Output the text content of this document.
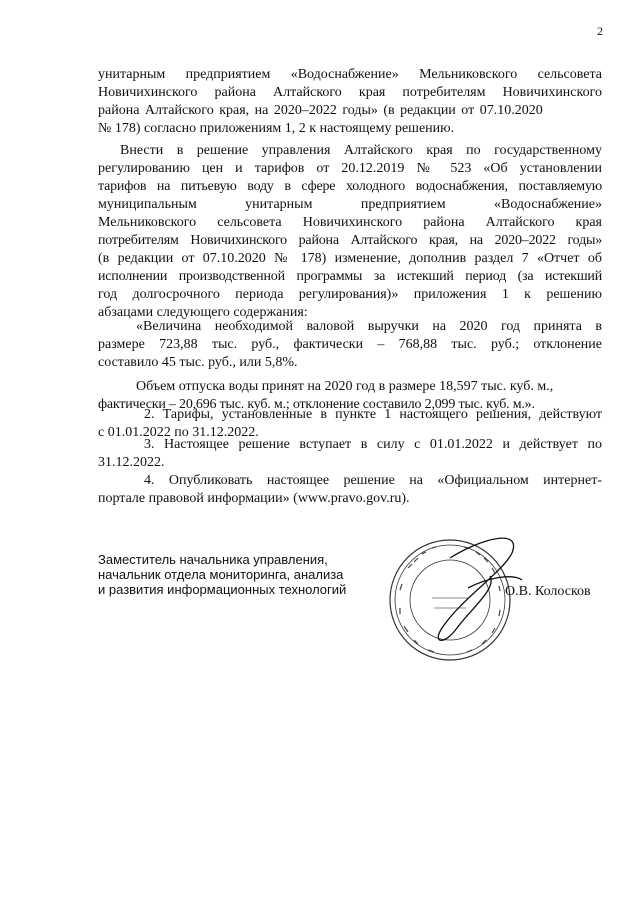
2

унитарным предприятием «Водоснабжение» Мельниковского сельсовета

Новичихинского района Алтайского края потребителям Новичихинского

района Алтайского края, на 2020–2022 годы» (в редакции от 07.10.2020

№ 178) согласно приложениям 1, 2 к настоящему решению.

Внести в решение управления Алтайского края по государственному

регулированию цен и тарифов от 20.12.2019 № 523 «Об установлении

тарифов на питьевую воду в сфере холодного водоснабжения, поставляемую

муниципальным унитарным предприятием «Водоснабжение»

Мельниковского сельсовета Новичихинского района Алтайского края

потребителям Новичихинского района Алтайского края, на 2020–2022 годы»

(в редакции от 07.10.2020 № 178) изменение, дополнив раздел 7 «Отчет об

исполнении производственной программы за истекший период (за истекший

год долгосрочного периода регулирования)» приложения 1 к решению

абзацами следующего содержания:

«Величина необходимой валовой выручки на 2020 год принята в

размере 723,88 тыс. руб., фактически – 768,88 тыс. руб.; отклонение

составило 45 тыс. руб., или 5,8%.

Объем отпуска воды принят на 2020 год в размере 18,597 тыс. куб. м.,

фактически – 20,696 тыс. куб. м.; отклонение составило 2,099 тыс. куб. м.».

2. Тарифы, установленные в пункте 1 настоящего решения, действуют

с 01.01.2022 по 31.12.2022.

3. Настоящее решение вступает в силу с 01.01.2022 и действует по

31.12.2022.

4. Опубликовать настоящее решение на «Официальном интернет-

портале правовой информации» (www.pravo.gov.ru).

Заместитель начальника управления,
начальник отдела мониторинга, анализа
и развития информационных технологий	О.В. Колосков
